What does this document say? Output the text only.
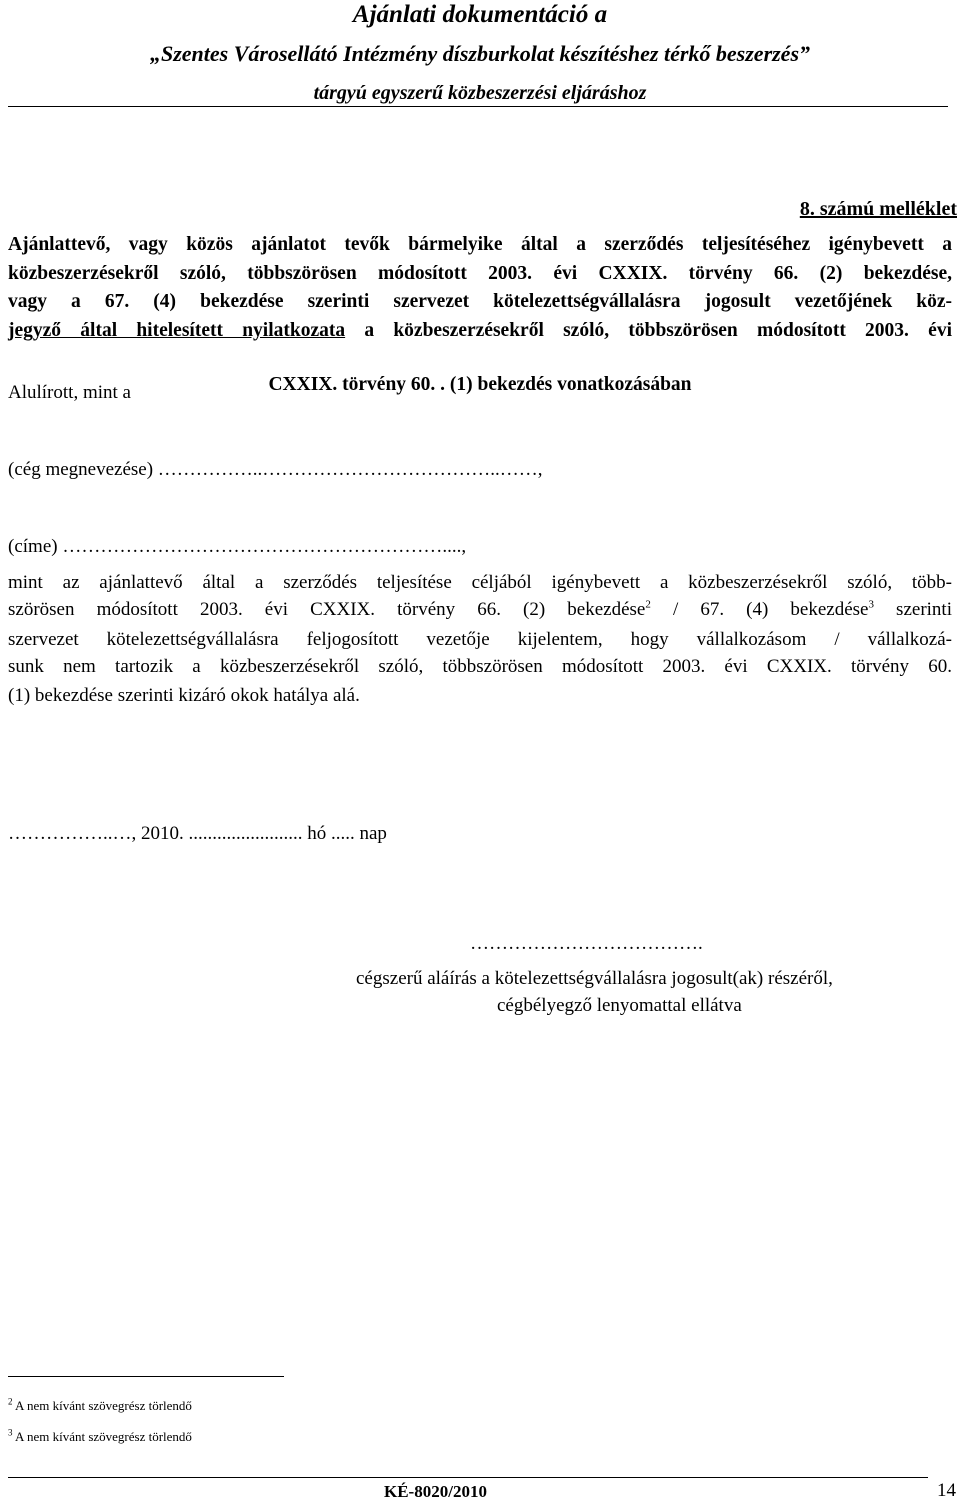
Ajánlati dokumentáció a
„Szentes Városellátó Intézmény díszburkolat készítéshez térkő beszerzés”
tárgyú egyszerű közbeszerzési eljáráshoz
8. számú melléklet
Ajánlattevő, vagy közös ajánlatot tevők bármelyike által a szerződés teljesítéséhez igénybevett a
közbeszerzésekről szóló, többszörösen módosított 2003. évi CXXIX. törvény 66. (2) bekezdése,
vagy a 67. (4) bekezdése szerinti szervezet kötelezettségvállalásra jogosult vezetőjének köz-
jegyző által hitelesített nyilatkozata a közbeszerzésekről szóló, többszörösen módosított 2003. évi
CXXIX. törvény 60. . (1) bekezdés vonatkozásában
Alulírott, mint a
(cég megnevezése) ……………..………………………………..……,
(címe) ……………………………………………………....,
mint az ajánlattevő által a szerződés teljesítése céljából igénybevett a közbeszerzésekről szóló, több-
szörösen módosított 2003. évi CXXIX. törvény 66. (2) bekezdése$^2$ / 67. (4) bekezdése$^3$ szerinti
szervezet kötelezettségvállalásra feljogosított vezetője kijelentem, hogy vállalkozásom / vállalkozá-
sunk nem tartozik a közbeszerzésekről szóló, többszörösen módosított 2003. évi CXXIX. törvény 60.
(1) bekezdése szerinti kizáró okok hatálya alá.
……………..…, 2010. ........................ hó ..... nap
……………………………….
cégszerű aláírás a kötelezettségvállalásra jogosult(ak) részéről,
cégbélyegző lenyomattal ellátva
$^2$ A nem kívánt szövegrész törlendő
$^3$ A nem kívánt szövegrész törlendő
KÉ-8020/2010	14
